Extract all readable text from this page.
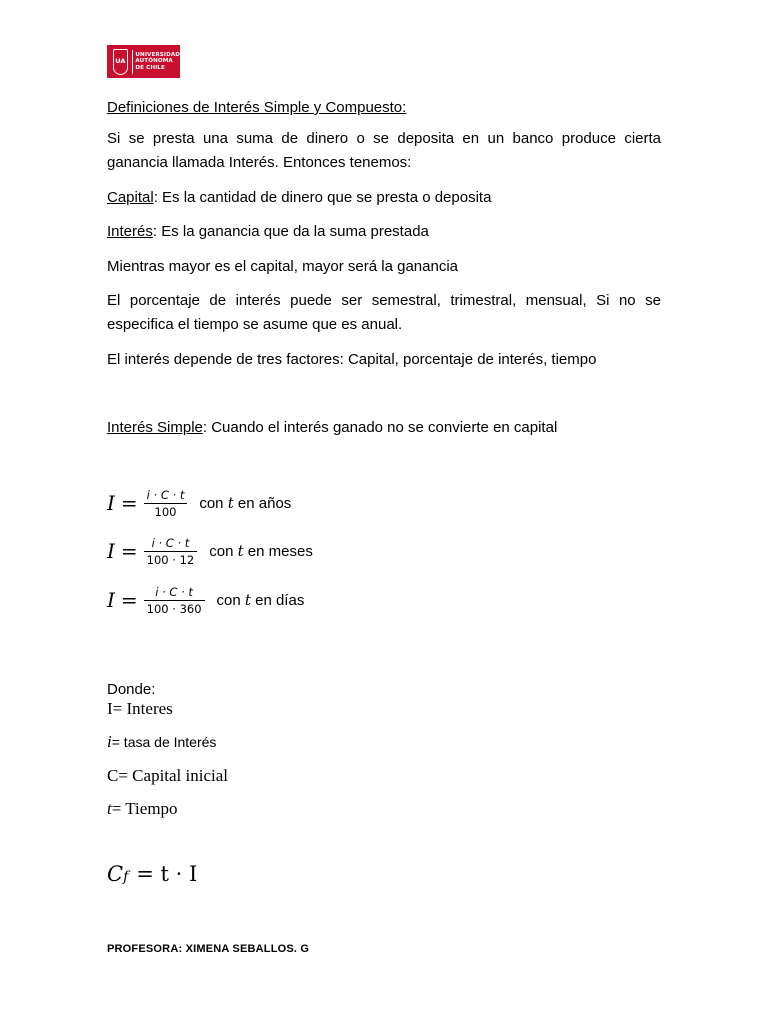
UA
UNIVERSIDAD
AUTÓNOMA
DE CHILE

Definiciones de Interés Simple y Compuesto:

Si se presta una suma de dinero o se deposita en un banco produce cierta ganancia llamada Interés. Entonces tenemos:

Capital: Es la cantidad de dinero que se presta o deposita

Interés: Es la ganancia que da la suma prestada

Mientras mayor es el capital, mayor será la ganancia

El porcentaje de interés puede ser semestral, trimestral, mensual, Si no se especifica el tiempo se asume que es anual.

El interés depende de tres factores: Capital, porcentaje de interés, tiempo

Interés Simple: Cuando el interés ganado no se convierte en capital

$I = \frac{i \cdot C \cdot t}{100}$ con t en años
$I = \frac{i \cdot C \cdot t}{100 \cdot 12}$ con t en meses
$I = \frac{i \cdot C \cdot t}{100 \cdot 360}$ con t en días

Donde:

I= Interes
i= tasa de Interés
C= Capital inicial
t= Tiempo
C f = t · I
PROFESORA: XIMENA SEBALLOS. G
